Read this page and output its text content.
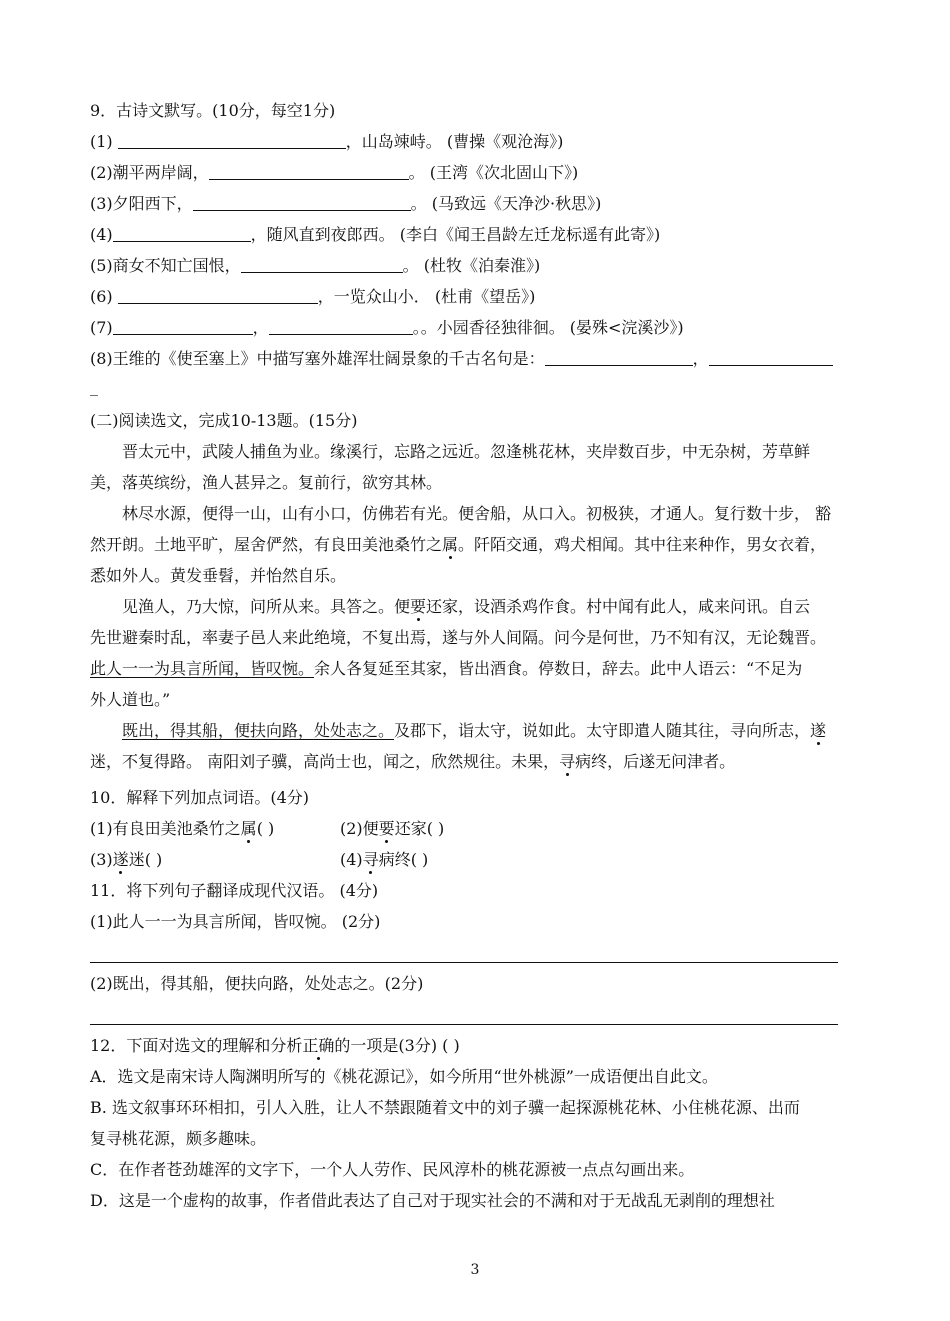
9．古诗文默写。(10分，每空1分)
(1)	，山岛竦峙。 (曹操《观沧海》)
(2)潮平两岸阔，	。 (王湾《次北固山下》)
(3)夕阳西下，	。 (马致远《天净沙·秋思》)
(4)	，随风直到夜郎西。 (李白《闻王昌龄左迁龙标遥有此寄》)
(5)商女不知亡国恨，	。 (杜牧《泊秦淮》)
(6)	，一览众山小． (杜甫《望岳》)
(7)	，	。。小园香径独徘徊。 (晏殊<浣溪沙》)
(8)王维的《使至塞上》中描写塞外雄浑壮阔景象的千古名句是：	，
_
(二)阅读选文，完成10-13题。(15分)
晋太元中，武陵人捕鱼为业。缘溪行，忘路之远近。忽逢桃花林，夹岸数百步，中无杂树，芳草鲜
美，落英缤纷，渔人甚异之。复前行，欲穷其林。
林尽水源，便得一山，山有小口，仿佛若有光。便舍船，从口入。初极狭，才通人。复行数十步， 豁
然开朗。土地平旷，屋舍俨然，有良田美池桑竹之属。阡陌交通，鸡犬相闻。其中往来种作，男女衣着，
悉如外人。黄发垂髫，并怡然自乐。
见渔人，乃大惊，问所从来。具答之。便要还家，设酒杀鸡作食。村中闻有此人，咸来问讯。自云
先世避秦时乱，率妻子邑人来此绝境，不复出焉，遂与外人间隔。问今是何世，乃不知有汉，无论魏晋。
此人一一为具言所闻，皆叹惋。余人各复延至其家，皆出酒食。停数日，辞去。此中人语云：“不足为
外人道也。”
既出，得其船，便扶向路，处处志之。及郡下，诣太守，说如此。太守即遣人随其往，寻向所志，遂
迷，不复得路。 南阳刘子骥，高尚士也，闻之，欣然规往。未果，寻病终，后遂无问津者。
10．解释下列加点词语。(4分)
(1)有良田美池桑竹之属( )	(2)便要还家( )
(3)遂迷( )	(4)寻病终( )
11．将下列句子翻译成现代汉语。 (4分)
(1)此人一一为具言所闻，皆叹惋。 (2分)
(2)既出，得其船，便扶向路，处处志之。(2分)
12．下面对选文的理解和分析正确的一项是(3分) ( )
A．选文是南宋诗人陶渊明所写的《桃花源记》，如今所用“世外桃源”一成语便出自此文。
B. 选文叙事环环相扣，引人入胜，让人不禁跟随着文中的刘子骥一起探源桃花林、小住桃花源、出而
复寻桃花源，颇多趣味。
C．在作者苍劲雄浑的文字下，一个人人劳作、民风淳朴的桃花源被一点点勾画出来。
D．这是一个虚构的故事，作者借此表达了自己对于现实社会的不满和对于无战乱无剥削的理想社
3
